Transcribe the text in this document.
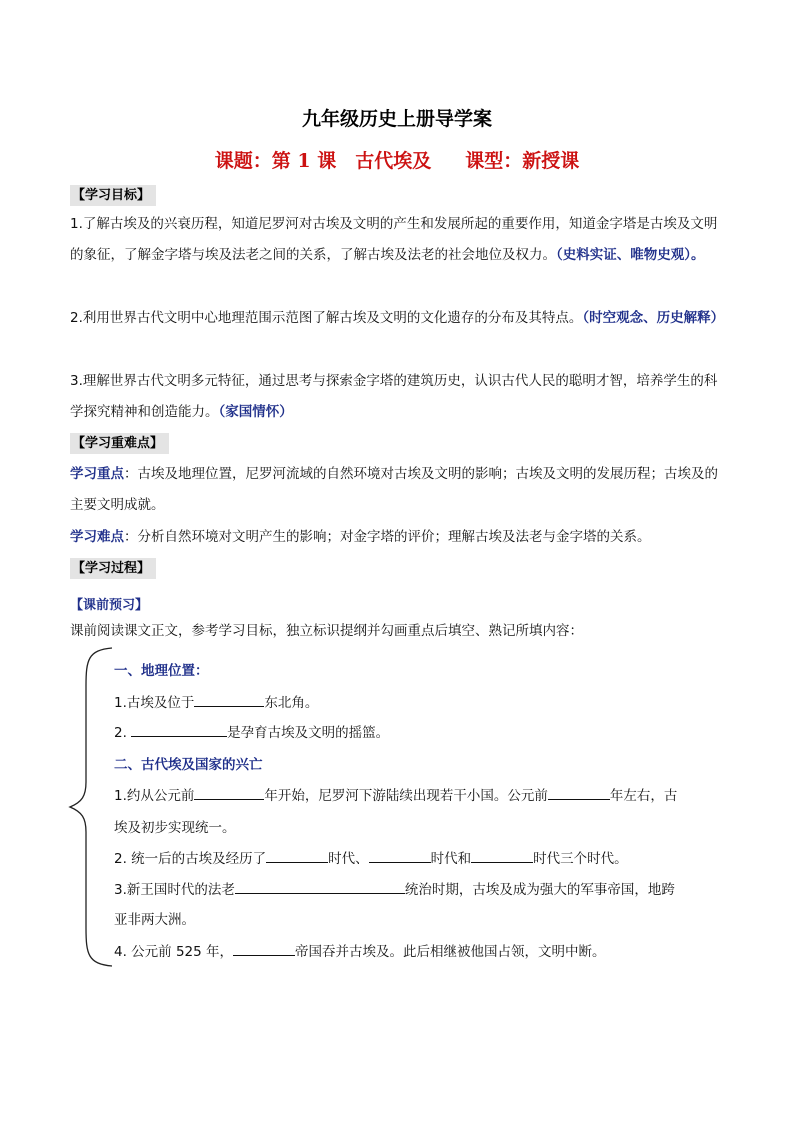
九年级历史上册导学案
课题：第 1 课　古代埃及 课型：新授课
【学习目标】
1.了解古埃及的兴衰历程，知道尼罗河对古埃及文明的产生和发展所起的重要作用，知道金字塔是古埃及文明的象征，了解金字塔与埃及法老之间的关系，了解古埃及法老的社会地位及权力。（史料实证、唯物史观）。
2.利用世界古代文明中心地理范围示范图了解古埃及文明的文化遗存的分布及其特点。（时空观念、历史解释）
3.理解世界古代文明多元特征，通过思考与探索金字塔的建筑历史，认识古代人民的聪明才智，培养学生的科学探究精神和创造能力。（家国情怀）
【学习重难点】
学习重点：古埃及地理位置，尼罗河流域的自然环境对古埃及文明的影响；古埃及文明的发展历程；古埃及的主要文明成就。
学习难点：分析自然环境对文明产生的影响；对金字塔的评价；理解古埃及法老与金字塔的关系。
【学习过程】
【课前预习】
课前阅读课文正文，参考学习目标，独立标识提纲并勾画重点后填空、熟记所填内容：
一、地理位置：
1.古埃及位于	东北角。
2.	是孕育古埃及文明的摇篮。
二、古代埃及国家的兴亡
1.约从公元前	年开始，尼罗河下游陆续出现若干小国。公元前	年左右，古
埃及初步实现统一。
2. 统一后的古埃及经历了	时代、	时代和	时代三个时代。
3.新王国时代的法老	统治时期，古埃及成为强大的军事帝国，地跨
亚非两大洲。
4. 公元前 525 年，	帝国吞并古埃及。此后相继被他国占领，文明中断。
